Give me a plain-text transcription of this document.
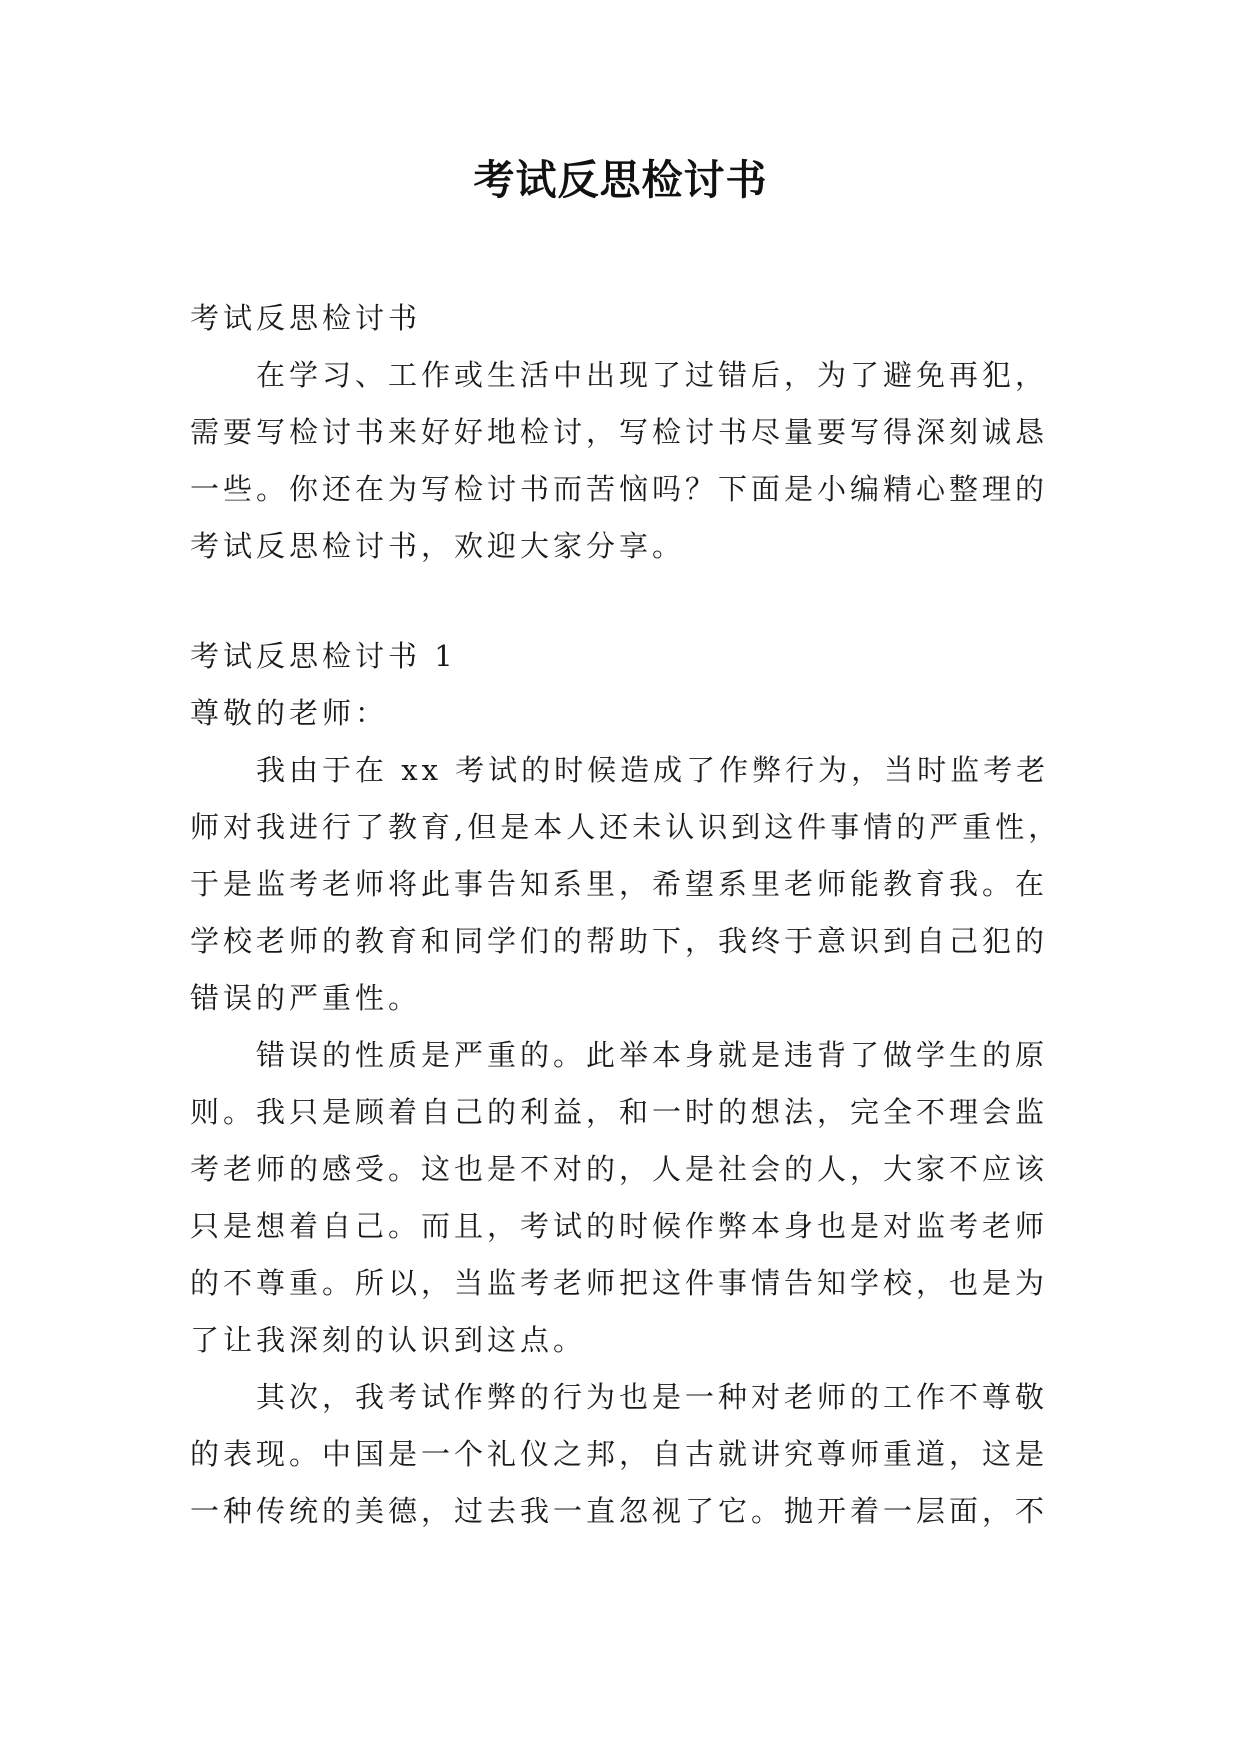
考试反思检讨书
考试反思检讨书
在学习、工作或生活中出现了过错后，为了避免再犯，
需要写检讨书来好好地检讨，写检讨书尽量要写得深刻诚恳
一些。你还在为写检讨书而苦恼吗？下面是小编精心整理的
考试反思检讨书，欢迎大家分享。
考试反思检讨书 1
尊敬的老师：
我由于在 xx 考试的时候造成了作弊行为，当时监考老
师对我进行了教育,但是本人还未认识到这件事情的严重性，
于是监考老师将此事告知系里，希望系里老师能教育我。在
学校老师的教育和同学们的帮助下，我终于意识到自己犯的
错误的严重性。
错误的性质是严重的。此举本身就是违背了做学生的原
则。我只是顾着自己的利益，和一时的想法，完全不理会监
考老师的感受。这也是不对的，人是社会的人，大家不应该
只是想着自己。而且，考试的时候作弊本身也是对监考老师
的不尊重。所以，当监考老师把这件事情告知学校，也是为
了让我深刻的认识到这点。
其次，我考试作弊的行为也是一种对老师的工作不尊敬
的表现。中国是一个礼仪之邦，自古就讲究尊师重道，这是
一种传统的美德，过去我一直忽视了它。抛开着一层面，不
